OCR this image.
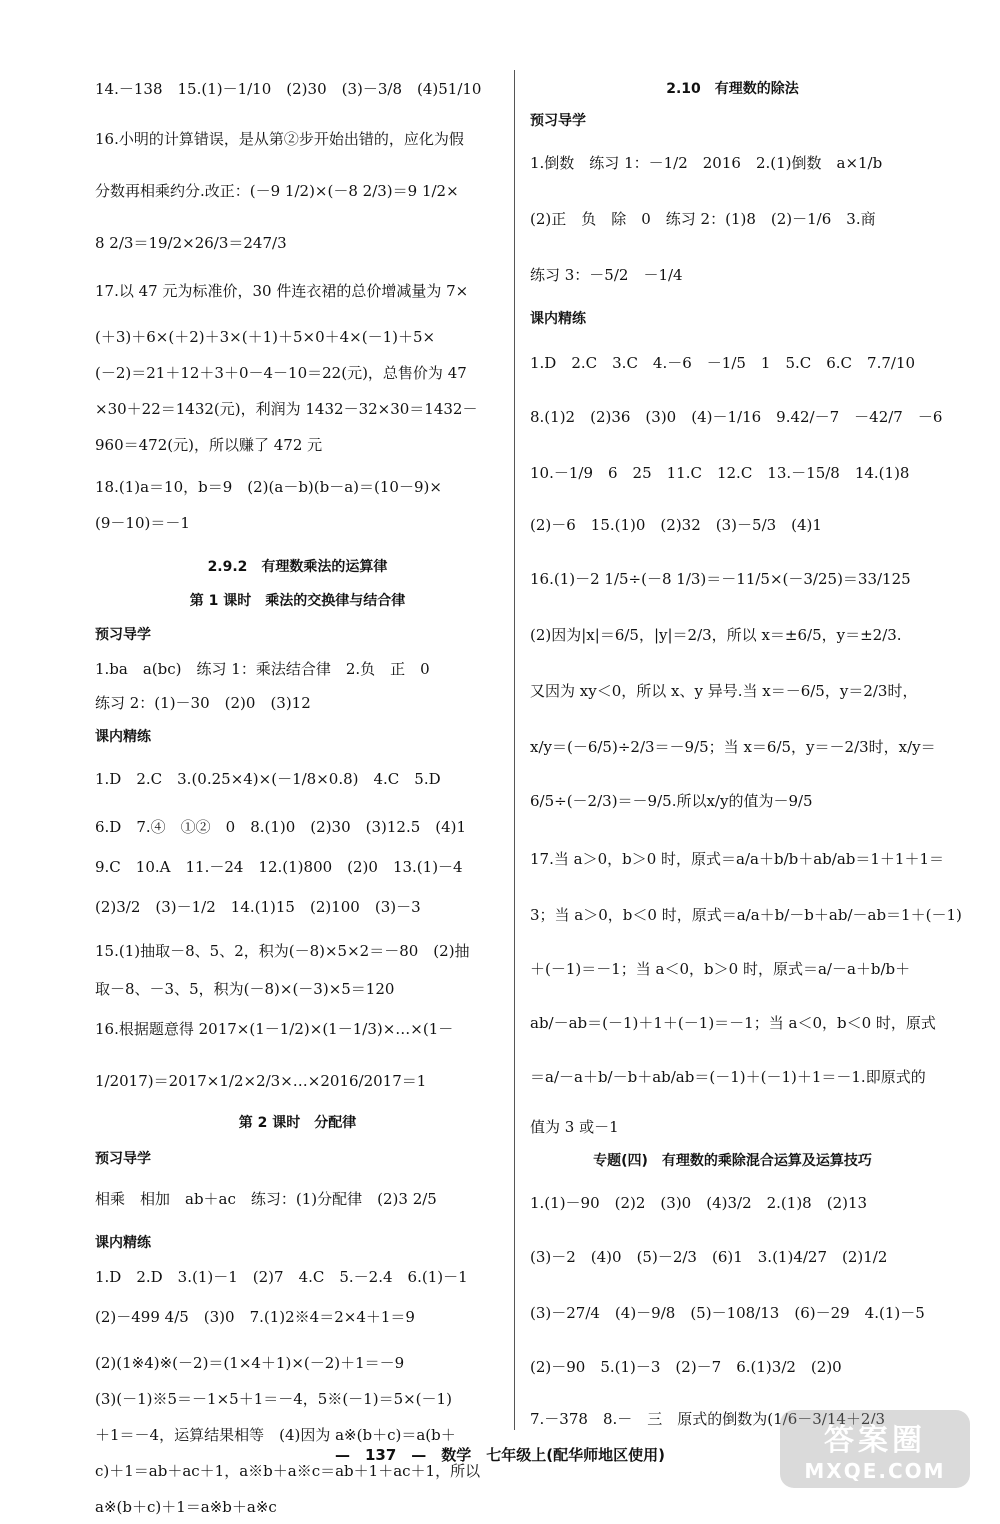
14.－138　15.(1)－1/10　(2)30　(3)－3/8　(4)51/10
16.小明的计算错误，是从第②步开始出错的，应化为假
分数再相乘约分.改正：(－9 1/2)×(－8 2/3)＝9 1/2×
8 2/3＝19/2×26/3＝247/3
17.以 47 元为标准价，30 件连衣裙的总价增减量为 7×
(＋3)＋6×(＋2)＋3×(＋1)＋5×0＋4×(－1)＋5×
(－2)＝21＋12＋3＋0－4－10＝22(元)，总售价为 47
×30＋22＝1432(元)，利润为 1432－32×30＝1432－
960＝472(元)，所以赚了 472 元
18.(1)a＝10，b＝9　(2)(a－b)(b－a)＝(10－9)×
(9－10)＝－1
2.9.2　有理数乘法的运算律
第 1 课时　乘法的交换律与结合律
预习导学
1.ba　a(bc)　练习 1：乘法结合律　2.负　正　0
练习 2：(1)－30　(2)0　(3)12
课内精练
1.D　2.C　3.(0.25×4)×(－1/8×0.8)　4.C　5.D
6.D　7.④　①②　0　8.(1)0　(2)30　(3)12.5　(4)1
9.C　10.A　11.－24　12.(1)800　(2)0　13.(1)－4
(2)3/2　(3)－1/2　14.(1)15　(2)100　(3)－3
15.(1)抽取－8、5、2，积为(－8)×5×2＝－80　(2)抽
取－8、－3、5，积为(－8)×(－3)×5＝120
16.根据题意得 2017×(1－1/2)×(1－1/3)×…×(1－
1/2017)＝2017×1/2×2/3×…×2016/2017＝1
第 2 课时　分配律
预习导学
相乘　相加　ab＋ac　练习：(1)分配律　(2)3 2/5
课内精练
1.D　2.D　3.(1)－1　(2)7　4.C　5.－2.4　6.(1)－1
(2)－499 4/5　(3)0　7.(1)2※4＝2×4＋1＝9
(2)(1※4)※(－2)＝(1×4＋1)×(－2)＋1＝－9
(3)(－1)※5＝－1×5＋1＝－4，5※(－1)＝5×(－1)
＋1＝－4，运算结果相等　(4)因为 a※(b＋c)＝a(b＋
c)＋1＝ab＋ac＋1，a※b＋a※c＝ab＋1＋ac＋1，所以
a※(b＋c)＋1＝a※b＋a※c
2.10　有理数的除法
预习导学
1.倒数　练习 1：－1/2　2016　2.(1)倒数　a×1/b
(2)正　负　除　0　练习 2：(1)8　(2)－1/6　3.商
练习 3：－5/2　－1/4
课内精练
1.D　2.C　3.C　4.－6　－1/5　1　5.C　6.C　7.7/10
8.(1)2　(2)36　(3)0　(4)－1/16　9.42/－7　－42/7　－6
10.－1/9　6　25　11.C　12.C　13.－15/8　14.(1)8
(2)－6　15.(1)0　(2)32　(3)－5/3　(4)1
16.(1)－2 1/5÷(－8 1/3)＝－11/5×(－3/25)＝33/125
(2)因为|x|＝6/5，|y|＝2/3，所以 x＝±6/5，y＝±2/3.
又因为 xy＜0，所以 x、y 异号.当 x＝－6/5，y＝2/3时，
x/y＝(－6/5)÷2/3＝－9/5；当 x＝6/5，y＝－2/3时，x/y＝
6/5÷(－2/3)＝－9/5.所以x/y的值为－9/5
17.当 a＞0，b＞0 时，原式＝a/a＋b/b＋ab/ab＝1＋1＋1＝
3；当 a＞0，b＜0 时，原式＝a/a＋b/－b＋ab/－ab＝1＋(－1)
＋(－1)＝－1；当 a＜0，b＞0 时，原式＝a/－a＋b/b＋
ab/－ab＝(－1)＋1＋(－1)＝－1；当 a＜0，b＜0 时，原式
＝a/－a＋b/－b＋ab/ab＝(－1)＋(－1)＋1＝－1.即原式的
值为 3 或－1
专题(四)　有理数的乘除混合运算及运算技巧
1.(1)－90　(2)2　(3)0　(4)3/2　2.(1)8　(2)13
(3)－2　(4)0　(5)－2/3　(6)1　3.(1)4/27　(2)1/2
(3)－27/4　(4)－9/8　(5)－108/13　(6)－29　4.(1)－5
(2)－90　5.(1)－3　(2)－7　6.(1)3/2　(2)0
7.－378　8.－　三　原式的倒数为(1/6－3/14＋2/3
—　137　—　数学　七年级上(配华师地区使用)	答案圈
MXQE.COM
